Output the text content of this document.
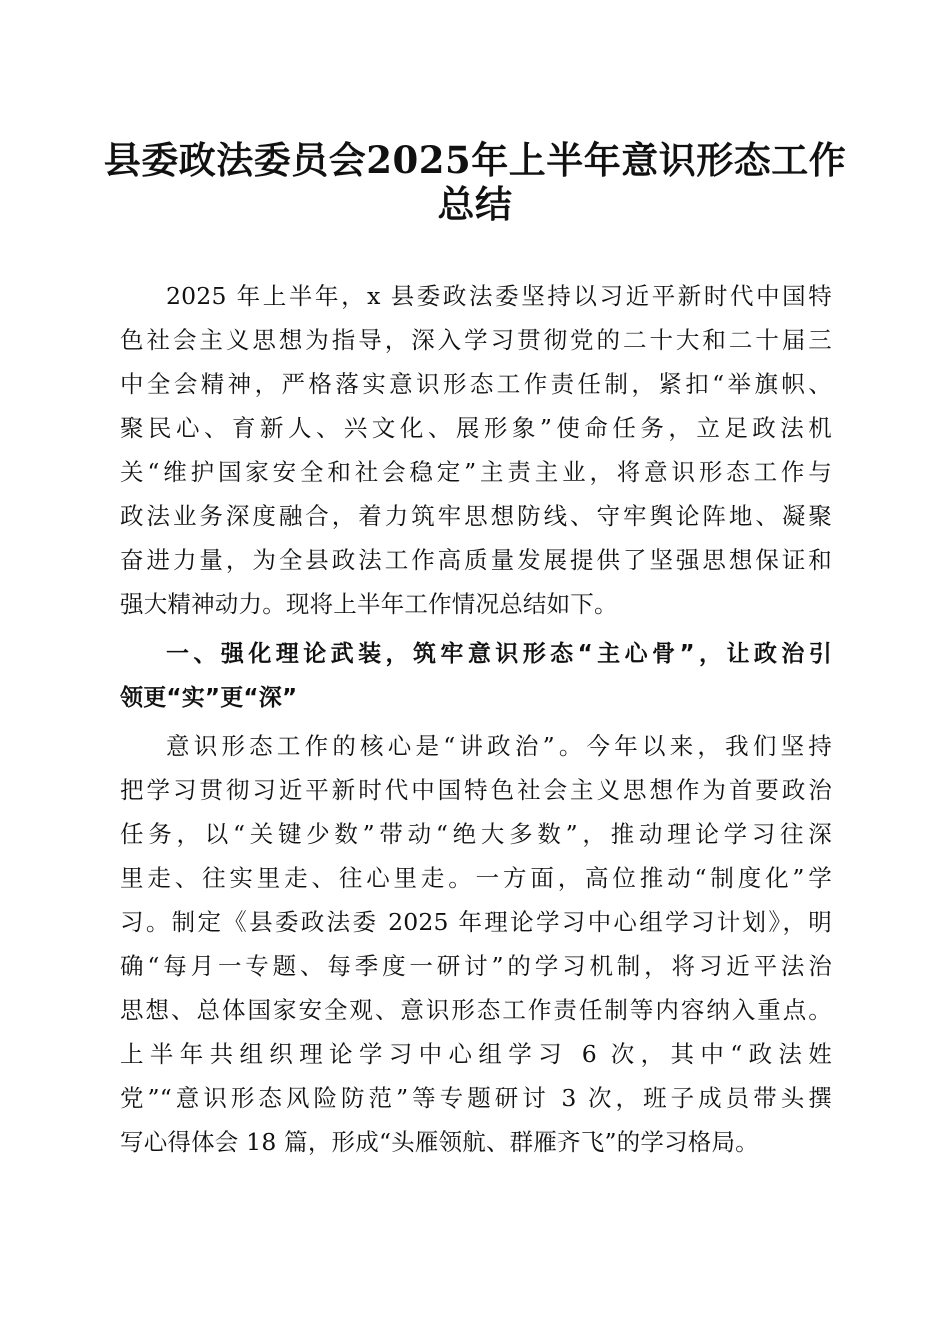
县委政法委员会2025年上半年意识形态工作
总结
2025 年上半年，x 县委政法委坚持以习近平新时代中国特
色社会主义思想为指导，深入学习贯彻党的二十大和二十届三
中全会精神，严格落实意识形态工作责任制，紧扣“举旗帜、
聚民心、育新人、兴文化、展形象”使命任务，立足政法机
关“维护国家安全和社会稳定”主责主业，将意识形态工作与
政法业务深度融合，着力筑牢思想防线、守牢舆论阵地、凝聚
奋进力量，为全县政法工作高质量发展提供了坚强思想保证和
强大精神动力。现将上半年工作情况总结如下。
一、强化理论武装，筑牢意识形态“主心骨”，让政治引
领更“实”更“深”
意识形态工作的核心是“讲政治”。今年以来，我们坚持
把学习贯彻习近平新时代中国特色社会主义思想作为首要政治
任务，以“关键少数”带动“绝大多数”，推动理论学习往深
里走、往实里走、往心里走。一方面，高位推动“制度化”学
习。制定《县委政法委 2025 年理论学习中心组学习计划》，明
确“每月一专题、每季度一研讨”的学习机制，将习近平法治
思想、总体国家安全观、意识形态工作责任制等内容纳入重点。
上半年共组织理论学习中心组学习 6 次，其中“政法姓
党”“意识形态风险防范”等专题研讨 3 次，班子成员带头撰
写心得体会 18 篇，形成“头雁领航、群雁齐飞”的学习格局。
